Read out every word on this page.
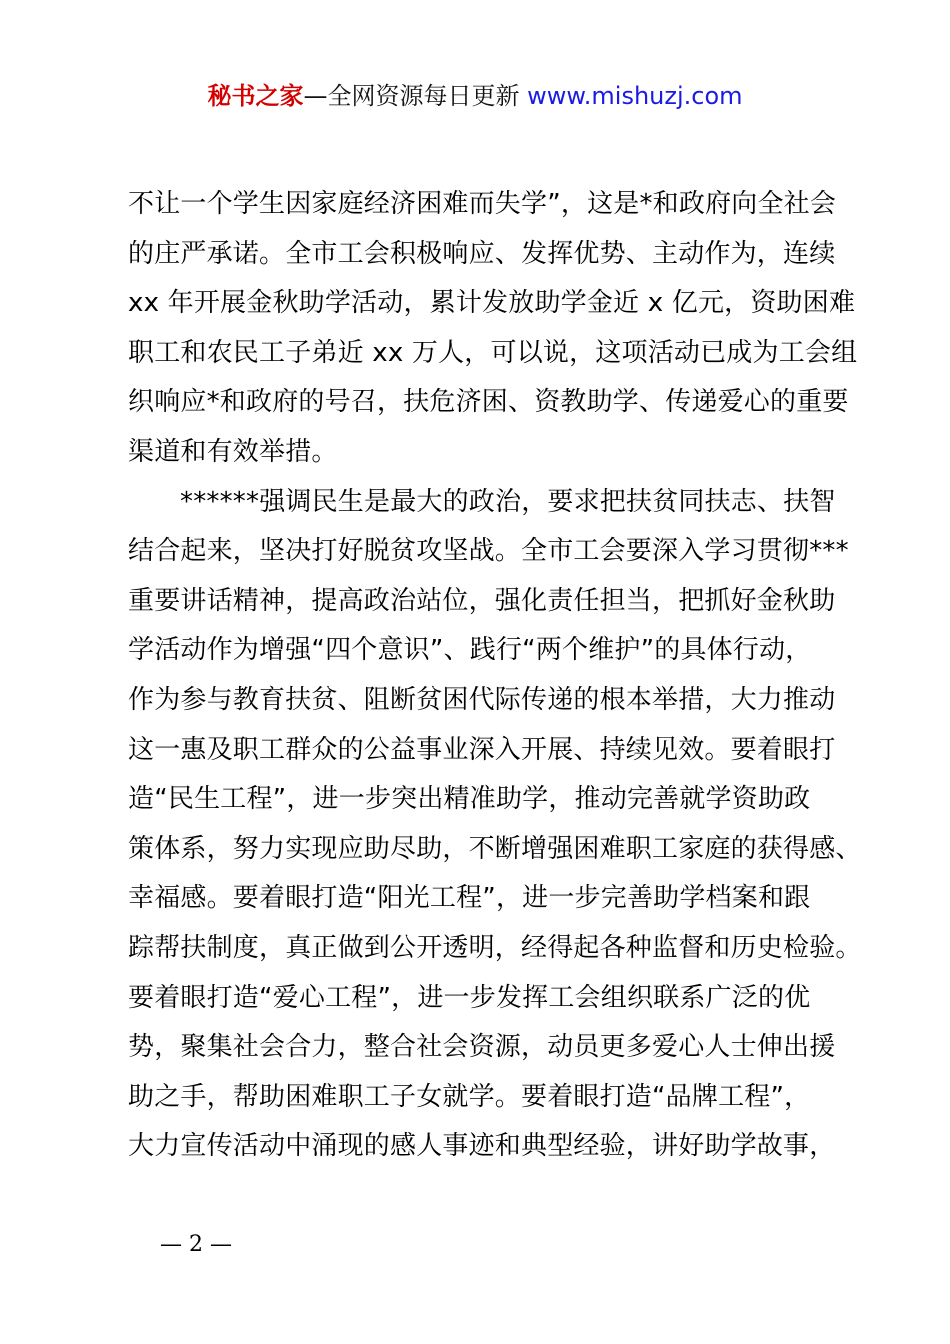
秘书之家—全网资源每日更新 www.mishuzj.com
不让一个学生因家庭经济困难而失学”，这是*和政府向全社会
的庄严承诺。全市工会积极响应、发挥优势、主动作为，连续
xx 年开展金秋助学活动，累计发放助学金近 x 亿元，资助困难
职工和农民工子弟近 xx 万人，可以说，这项活动已成为工会组
织响应*和政府的号召，扶危济困、资教助学、传递爱心的重要
渠道和有效举措。
******强调民生是最大的政治，要求把扶贫同扶志、扶智
结合起来，坚决打好脱贫攻坚战。全市工会要深入学习贯彻***
重要讲话精神，提高政治站位，强化责任担当，把抓好金秋助
学活动作为增强“四个意识”、践行“两个维护”的具体行动，
作为参与教育扶贫、阻断贫困代际传递的根本举措，大力推动
这一惠及职工群众的公益事业深入开展、持续见效。要着眼打
造“民生工程”，进一步突出精准助学，推动完善就学资助政
策体系，努力实现应助尽助，不断增强困难职工家庭的获得感、
幸福感。要着眼打造“阳光工程”，进一步完善助学档案和跟
踪帮扶制度，真正做到公开透明，经得起各种监督和历史检验。
要着眼打造“爱心工程”，进一步发挥工会组织联系广泛的优
势，聚集社会合力，整合社会资源，动员更多爱心人士伸出援
助之手，帮助困难职工子女就学。要着眼打造“品牌工程”，
大力宣传活动中涌现的感人事迹和典型经验，讲好助学故事，
— 2 —
